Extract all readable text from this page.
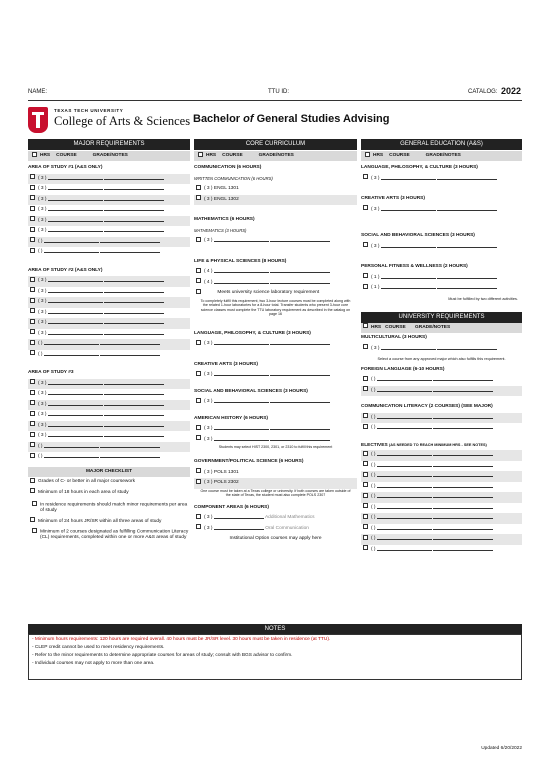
NAME:	TTU ID:	CATALOG: 2022
TEXAS TECH UNIVERSITY
College of Arts & Sciences Bachelor of General Studies Advising
MAJOR REQUIREMENTS	CORE CURRICULUM	GENERAL EDUCATION (A&S)
HRS COURSE	GRADE/NOTES	HRS COURSE	GRADE/NOTES	HRS COURSE	GRADE/NOTES
AREA OF STUDY #1 (A&S ONLY)
( 3 )
( 3 )
( 3 )
( 3 )
( 3 )
( 3 )
( )
( )
AREA OF STUDY #2 (A&S ONLY)
( 3 )
( 3 )
( 3 )
( 3 )
( 3 )
( 3 )
( )
( )
AREA OF STUDY #3
( 3 )
( 3 )
( 3 )
( 3 )
( 3 )
( 3 )
( )
( )
MAJOR CHECKLIST
Grades of C- or better in all major coursework
Minimum of 18 hours in each area of study
In residence requirements should match minor requirements per area of study
Minimum of 24 hours JR/SR within all three areas of study
Minimum of 2 courses designated as fulfilling Communication Literacy (CL) requirements, completed within one or more A&S areas of study
COMMUNICATION (6 HOURS)
WRITTEN COMMUNICATION (6 HOURS)
( 3 ) ENGL 1301
( 3 ) ENGL 1302
MATHEMATICS (6 HOURS)
MATHEMATICS (3 HOURS)
( 3 )
LIFE & PHYSICAL SCIENCES (8 HOURS)
( 4 )
( 4 )
Meets university science laboratory requirement
To completely fulfill this requirement, two 3-hour lecture courses must be completed along with the related 1-hour laboratories for a 8-hour total. Transfer students who present 3-hour core science classes must complete the TTU laboratory requirement as described in the catalog on page 16
LANGUAGE, PHILOSOPHY, & CULTURE (3 HOURS)
( 3 )
CREATIVE ARTS (3 HOURS)
( 3 )
SOCIAL AND BEHAVIORAL SCIENCES (3 HOURS)
( 3 )
AMERICAN HISTORY (6 HOURS)
( 3 )
( 3 )
Students may select HIST 2300, 2301, or 2310 to fulfill this requirement
GOVERNMENT/POLITICAL SCIENCE (6 HOURS)
( 3 ) POLS 1301
( 3 ) POLS 2302
One course must be taken at a Texas college or university. If both courses are taken outside of the state of Texas, the student must also complete POLS 2307
COMPONENT AREAS (6 HOURS)
( 3 )	Additional Mathematics
( 3 )	Oral Communication
Institutional Option courses may apply here
LANGUAGE, PHILOSOPHY, & CULTURE (3 HOURS)
( 3 )
CREATIVE ARTS (3 HOURS)
( 3 )
SOCIAL AND BEHAVIORAL SCIENCES (3 HOURS)
( 3 )
PERSONAL FITNESS & WELLNESS (2 HOURS)
( 1 )
( 1 )
Must be fulfilled by two different activities.
UNIVERSITY REQUIREMENTS
HRS COURSE GRADE/NOTES
MULTICULTURAL (3 HOURS)
( 3 )
Select a course from any approved major which also fulfills this requirement.
FOREIGN LANGUAGE (6-10 HOURS)
( )
( )
COMMUNICATION LITERACY (2 COURSES) (SEE MAJOR)
( )
( )
ELECTIVES (AS NEEDED TO REACH MINIMUM HRS - SEE NOTES)
( )
( )
( )
( )
( )
( )
( )
( )
( )
( )
NOTES
- Minimum hours requirements: 120 hours are required overall. 40 hours must be JR/SR level. 30 hours must be taken in residence (at TTU).
- CLEP credit cannot be used to meet residency requirements.
- Refer to the minor requirements to determine appropriate courses for areas of study; consult with BGS advisor to confirm.
- Individual courses may not apply to more than one area.
Updated 6/20/2022
